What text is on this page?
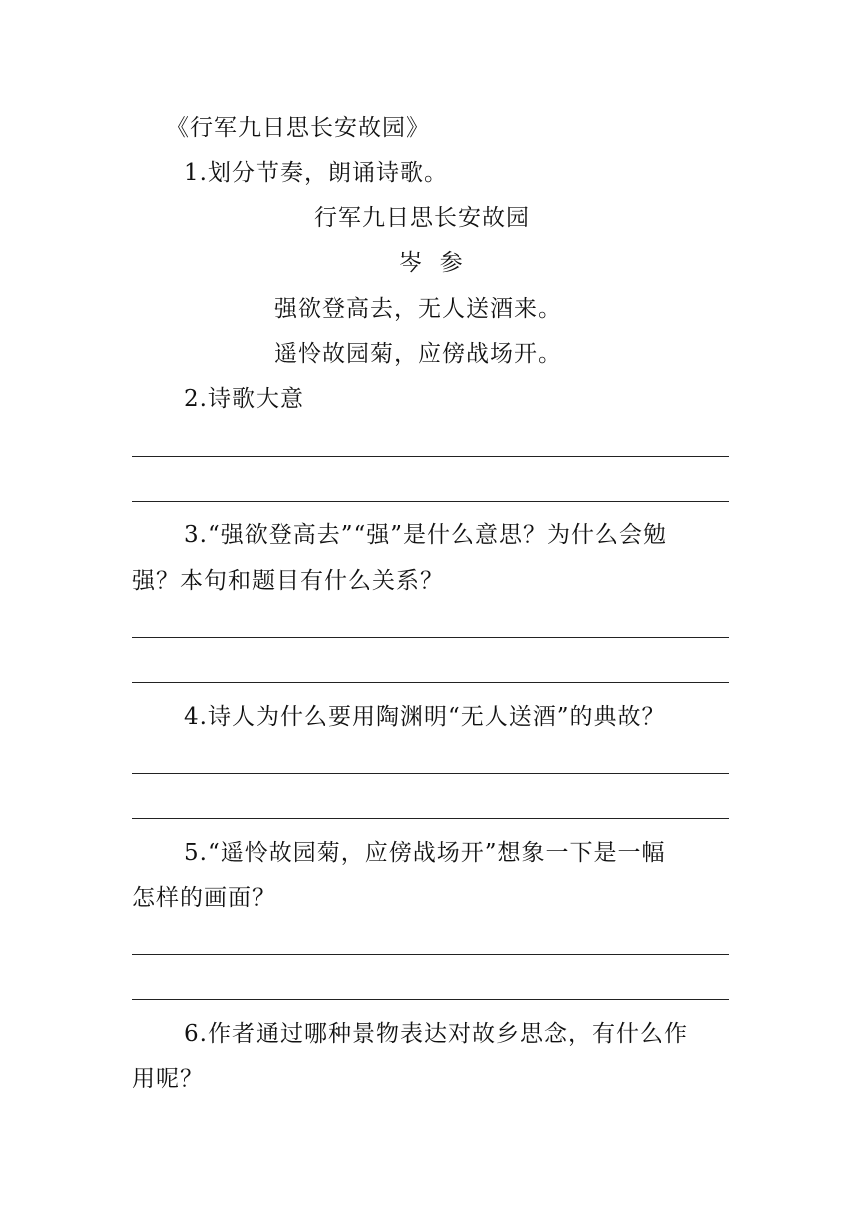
《行军九日思长安故园》
1.划分节奏，朗诵诗歌。
行军九日思长安故园
岑  参
强欲登高去，无人送酒来。
遥怜故园菊，应傍战场开。
2.诗歌大意
3.“强欲登高去”“强”是什么意思？为什么会勉
强？本句和题目有什么关系？
4.诗人为什么要用陶渊明“无人送酒”的典故？
5.“遥怜故园菊，应傍战场开”想象一下是一幅
怎样的画面？
6.作者通过哪种景物表达对故乡思念，有什么作
用呢？
